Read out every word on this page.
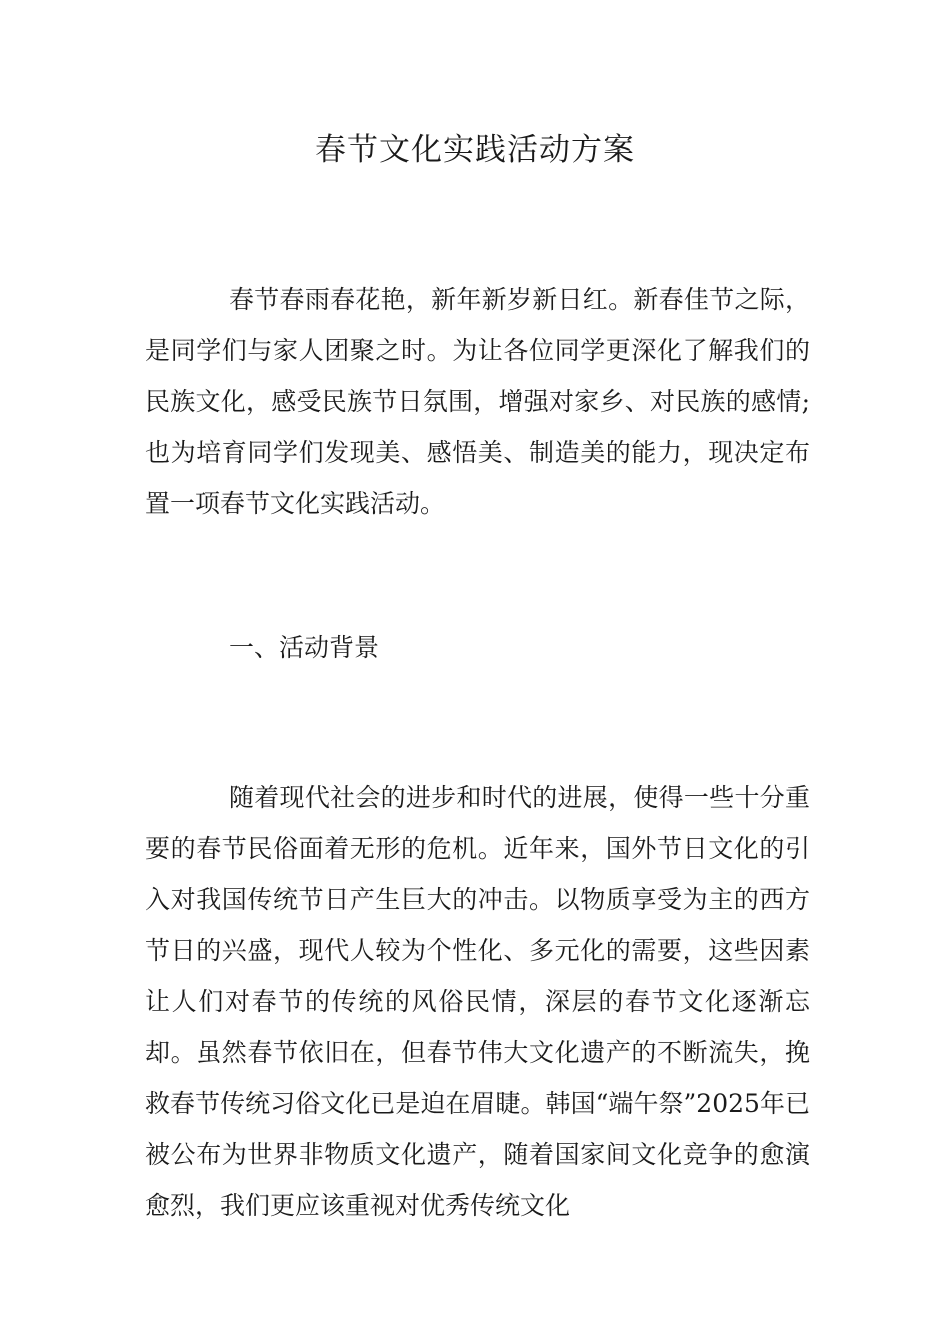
春节文化实践活动方案

春节春雨春花艳，新年新岁新日红。新春佳节之际，是同学们与家人团聚之时。为让各位同学更深化了解我们的民族文化，感受民族节日氛围，增强对家乡、对民族的感情;也为培育同学们发现美、感悟美、制造美的能力，现决定布置一项春节文化实践活动。

一、活动背景

随着现代社会的进步和时代的进展，使得一些十分重要的春节民俗面着无形的危机。近年来，国外节日文化的引入对我国传统节日产生巨大的冲击。以物质享受为主的西方节日的兴盛，现代人较为个性化、多元化的需要，这些因素让人们对春节的传统的风俗民情，深层的春节文化逐渐忘却。虽然春节依旧在，但春节伟大文化遗产的不断流失，挽救春节传统习俗文化已是迫在眉睫。韩国“端午祭”2025年已被公布为世界非物质文化遗产，随着国家间文化竞争的愈演愈烈，我们更应该重视对优秀传统文化
